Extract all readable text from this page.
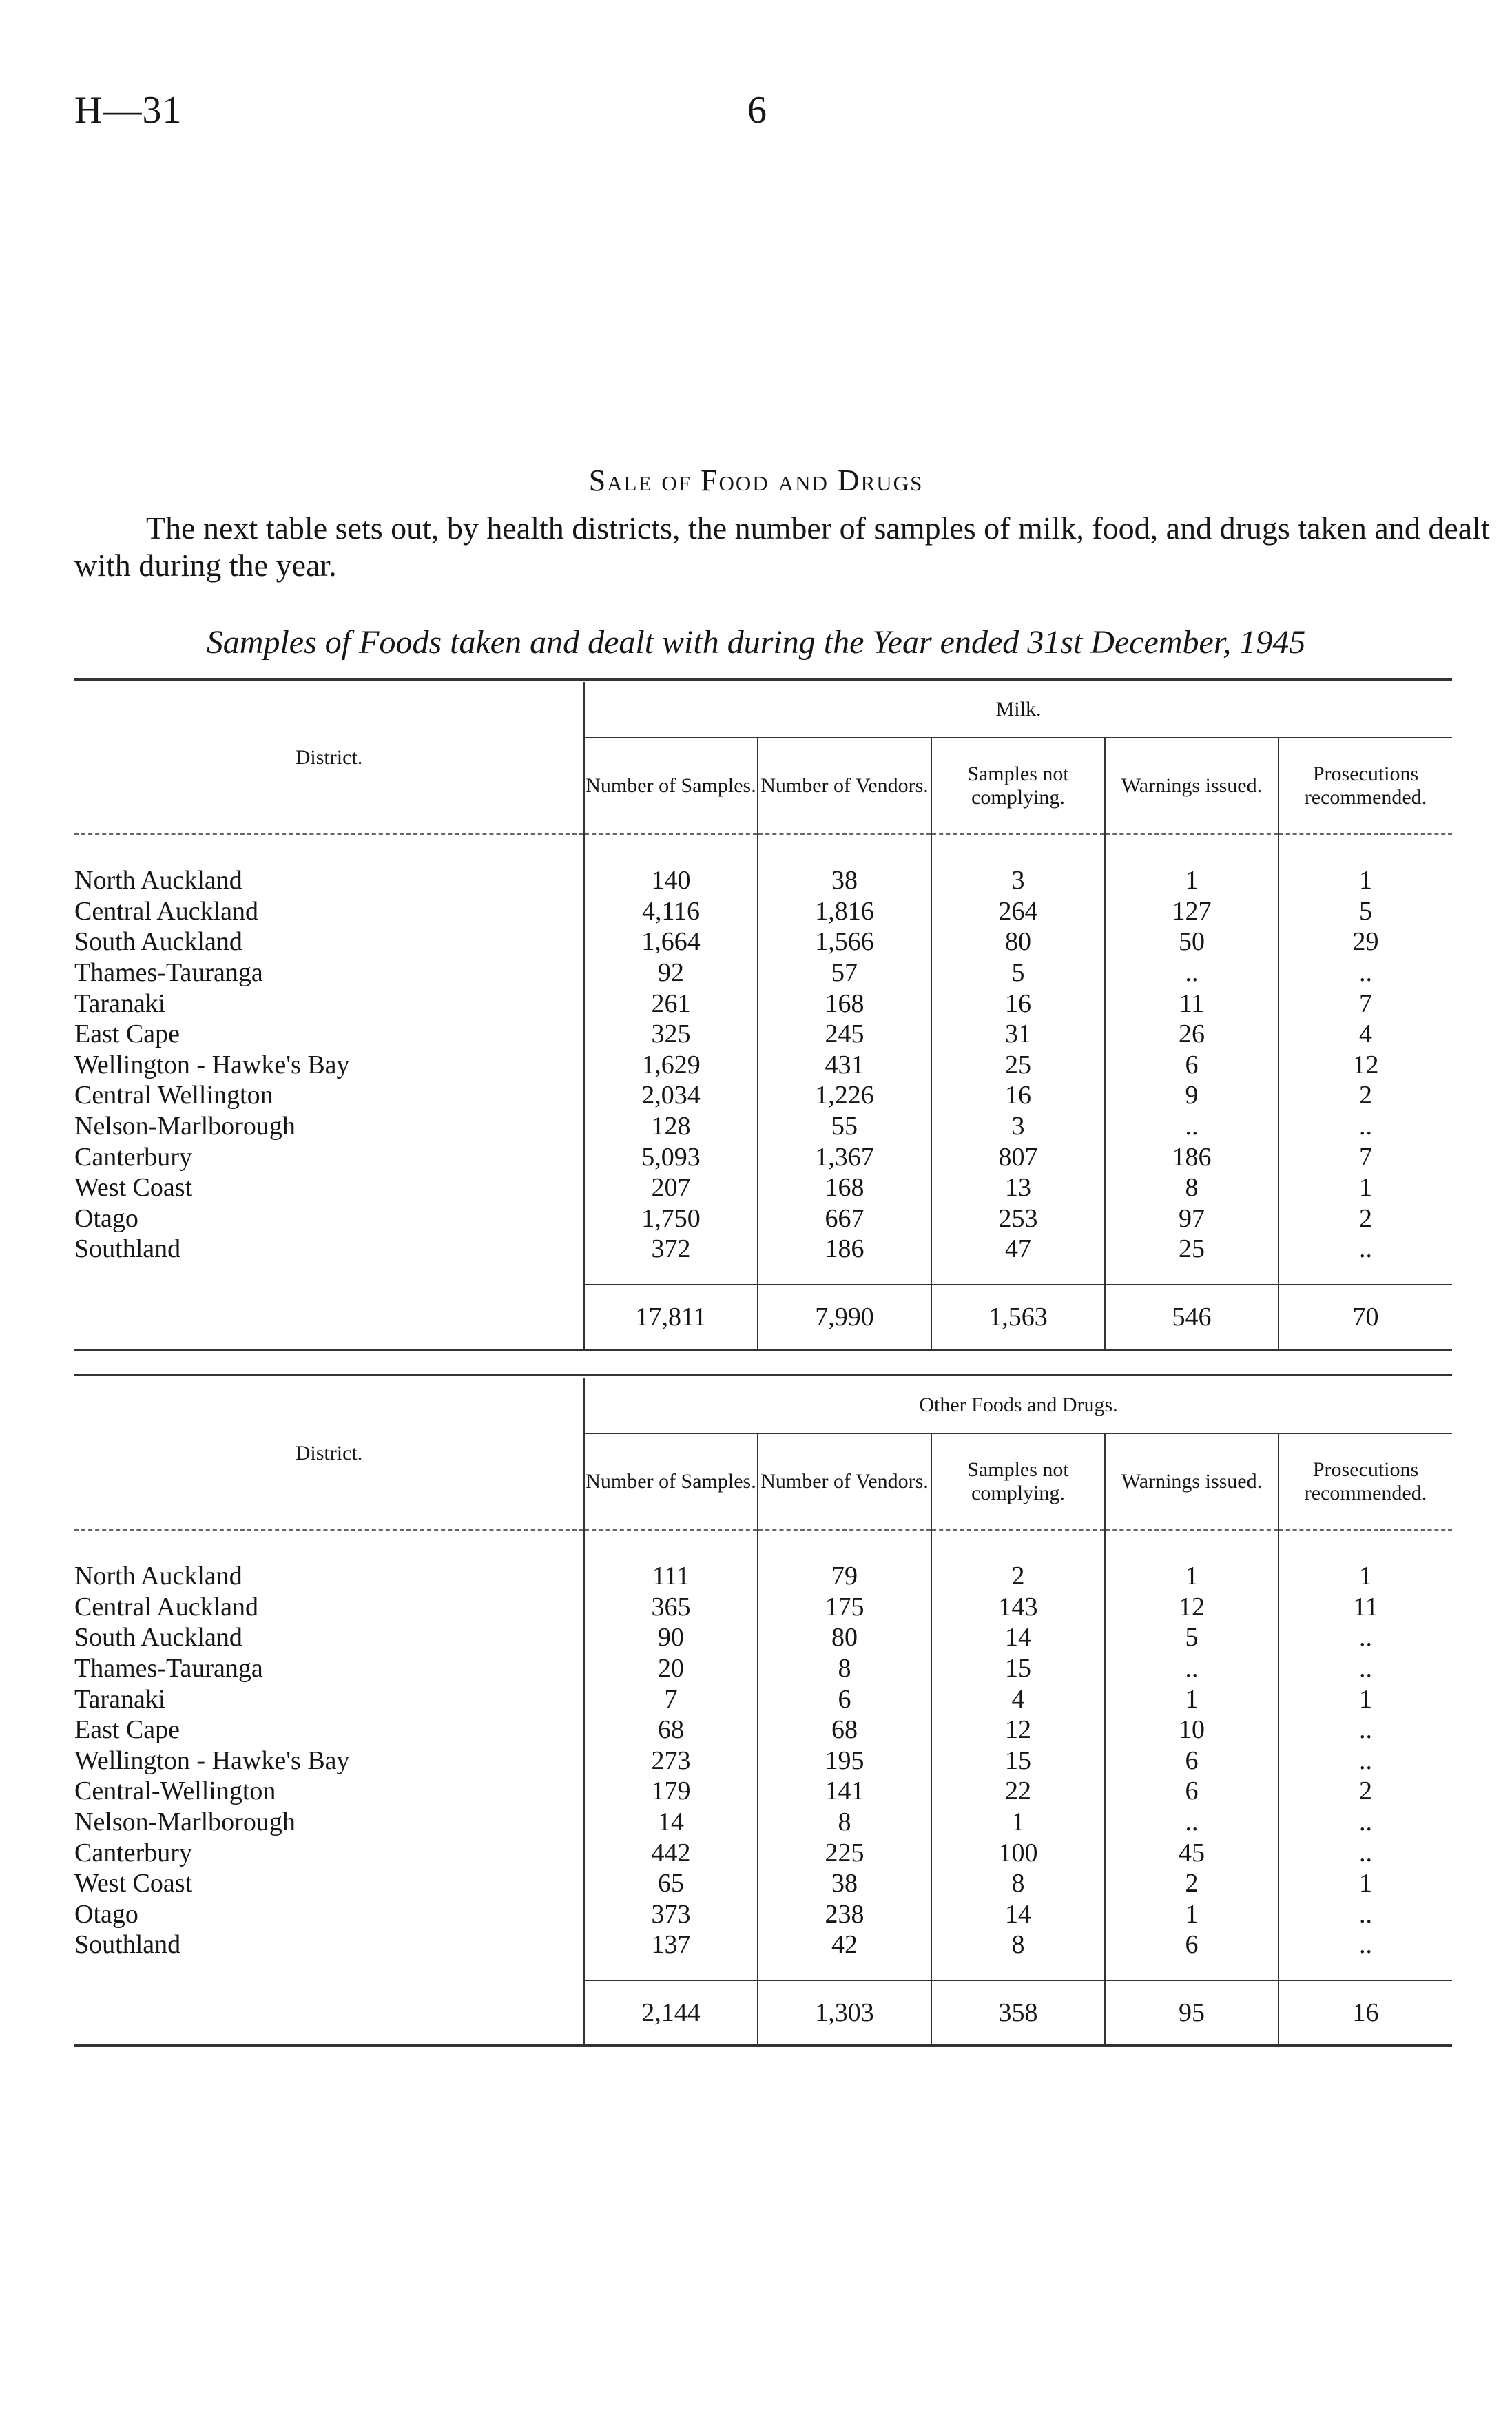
H—31	6
Sale of Food and Drugs
The next table sets out, by health districts, the number of samples of milk, food, and drugs taken and dealt with during the year.
Samples of Foods taken and dealt with during the Year ended 31st December, 1945
District.	Milk.				
	Number of Samples.	Number of Vendors.	Samples not complying.	Warnings issued.	Prosecutions recommended.

North Auckland	140	38	3	1	1
Central Auckland	4,116	1,816	264	127	5
South Auckland	1,664	1,566	80	50	29
Thames-Tauranga	92	57	5	..	..
Taranaki	261	168	16	11	7
East Cape	325	245	31	26	4
Wellington - Hawke's Bay	1,629	431	25	6	12
Central Wellington	2,034	1,226	16	9	2
Nelson-Marlborough	128	55	3	..	..
Canterbury	5,093	1,367	807	186	7
West Coast	207	168	13	8	1
Otago	1,750	667	253	97	2
Southland	372	186	47	25	..

	17,811	7,990	1,563	546	70
District.	Other Foods and Drugs.				
	Number of Samples.	Number of Vendors.	Samples not complying.	Warnings issued.	Prosecutions recommended.

North Auckland	111	79	2	1	1
Central Auckland	365	175	143	12	11
South Auckland	90	80	14	5	..
Thames-Tauranga	20	8	15	..	..
Taranaki	7	6	4	1	1
East Cape	68	68	12	10	..
Wellington - Hawke's Bay	273	195	15	6	..
Central-Wellington	179	141	22	6	2
Nelson-Marlborough	14	8	1	..	..
Canterbury	442	225	100	45	..
West Coast	65	38	8	2	1
Otago	373	238	14	1	..
Southland	137	42	8	6	..

	2,144	1,303	358	95	16
